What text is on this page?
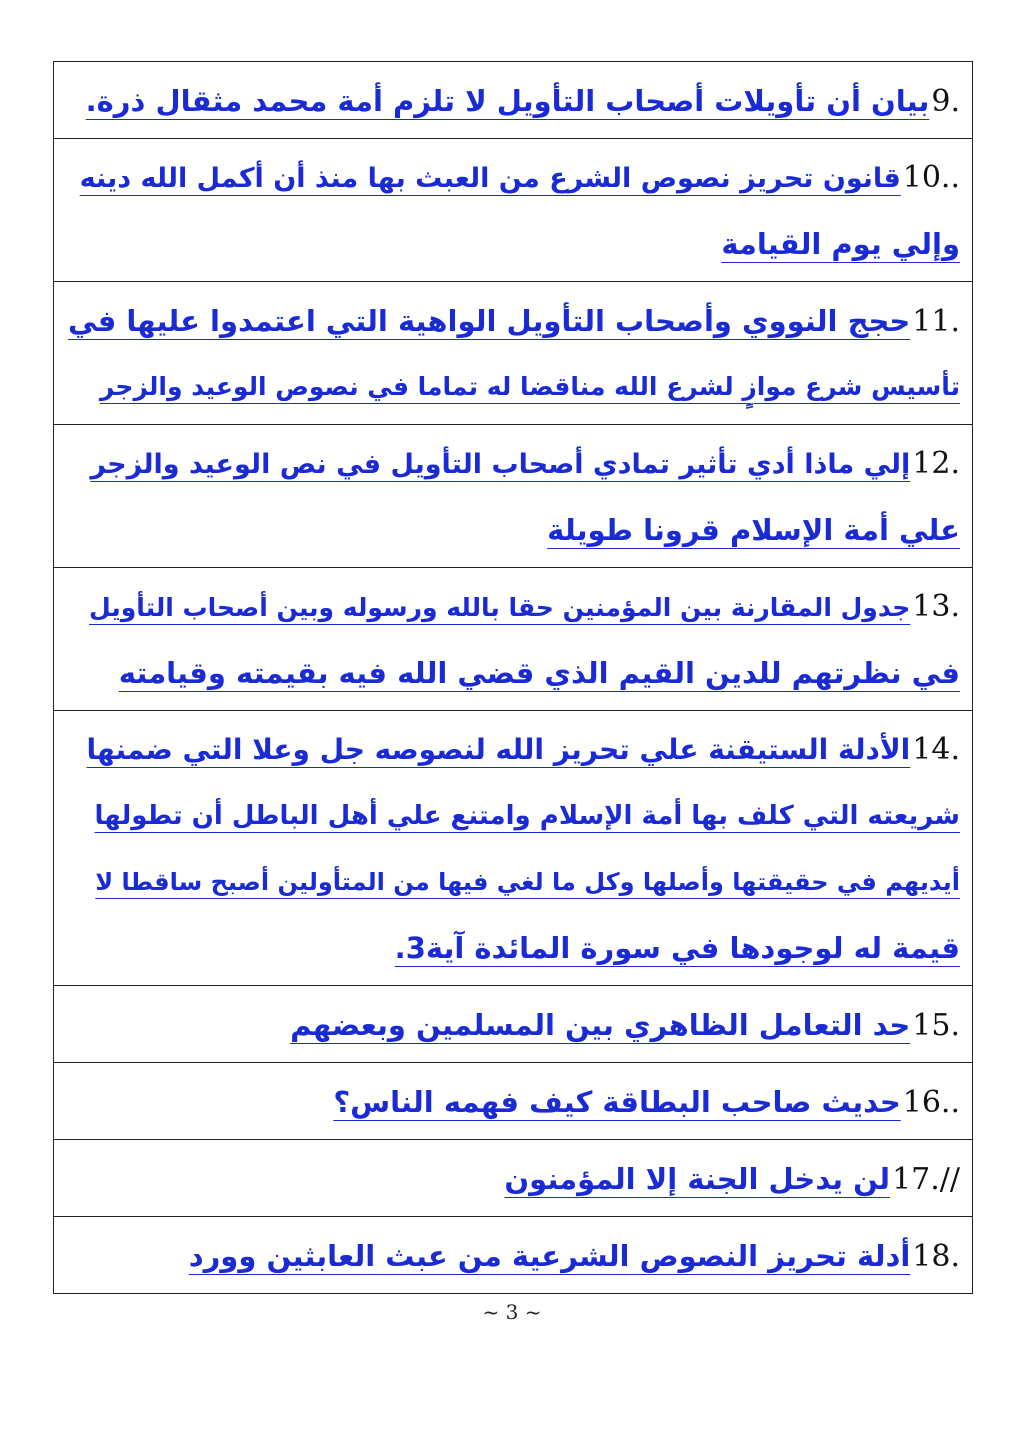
9.
بيان أن تأويلات أصحاب التأويل لا تلزم أمة محمد مثقال ذرة.
10..
قانون تحريز نصوص الشرع من العبث بها منذ أن أكمل الله دينه
وإلي يوم القيامة
11.
حجج النووي وأصحاب التأويل الواهية التي اعتمدوا عليها في
تأسيس شرع موازٍ لشرع الله مناقضا له تماما في نصوص الوعيد والزجر
12.
إلي ماذا أدي تأثير تمادي أصحاب التأويل في نص الوعيد والزجر
علي أمة الإسلام قرونا طويلة
13.
جدول المقارنة بين المؤمنين حقا بالله ورسوله وبين أصحاب التأويل
في نظرتهم للدين القيم الذي قضي الله فيه بقيمته وقيامته
14.
الأدلة الستيقنة علي تحريز الله لنصوصه جل وعلا التي ضمنها
شريعته التي كلف بها أمة الإسلام وامتنع علي أهل الباطل أن تطولها
أيديهم في حقيقتها وأصلها وكل ما لغي فيها من المتأولين أصبح ساقطا لا
قيمة له لوجودها في سورة المائدة آية3.
15.
حد التعامل الظاهري بين المسلمين وبعضهم
16..
حديث صاحب البطاقة كيف فهمه الناس؟
17.//
لن يدخل الجنة إلا المؤمنون
18.
أدلة تحريز النصوص الشرعية من عبث العابثين وورد
~ 3 ~
